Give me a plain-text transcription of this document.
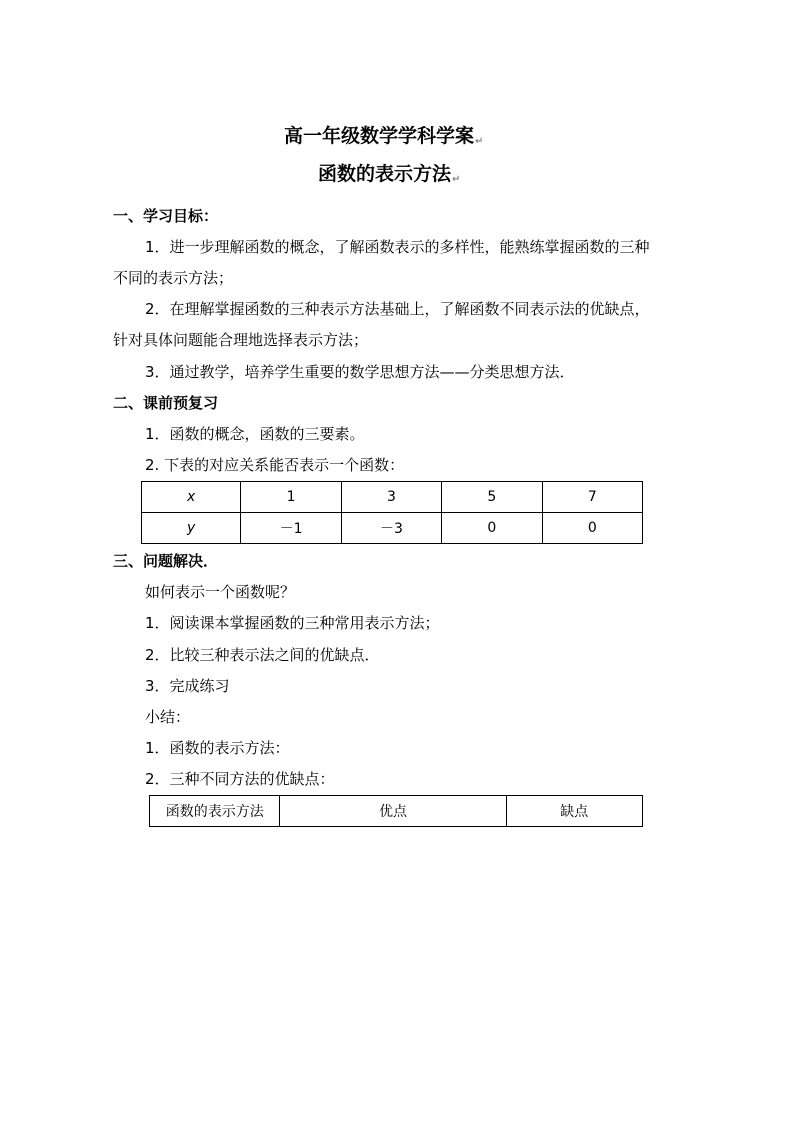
高一年级数学学科学案↵
函数的表示方法↵
一、学习目标：
1．进一步理解函数的概念，了解函数表示的多样性，能熟练掌握函数的三种
不同的表示方法；
2．在理解掌握函数的三种表示方法基础上，了解函数不同表示法的优缺点，
针对具体问题能合理地选择表示方法；
3．通过教学，培养学生重要的数学思想方法——分类思想方法．
二、课前预复习
1．函数的概念，函数的三要素。
2. 下表的对应关系能否表示一个函数：
x	1	3	5	7
y	－1	－3	0	0
三、问题解决．
如何表示一个函数呢？
1．阅读课本掌握函数的三种常用表示方法；
2．比较三种表示法之间的优缺点．
3．完成练习
小结：
1．函数的表示方法：
2．三种不同方法的优缺点：
函数的表示方法	优点	缺点
